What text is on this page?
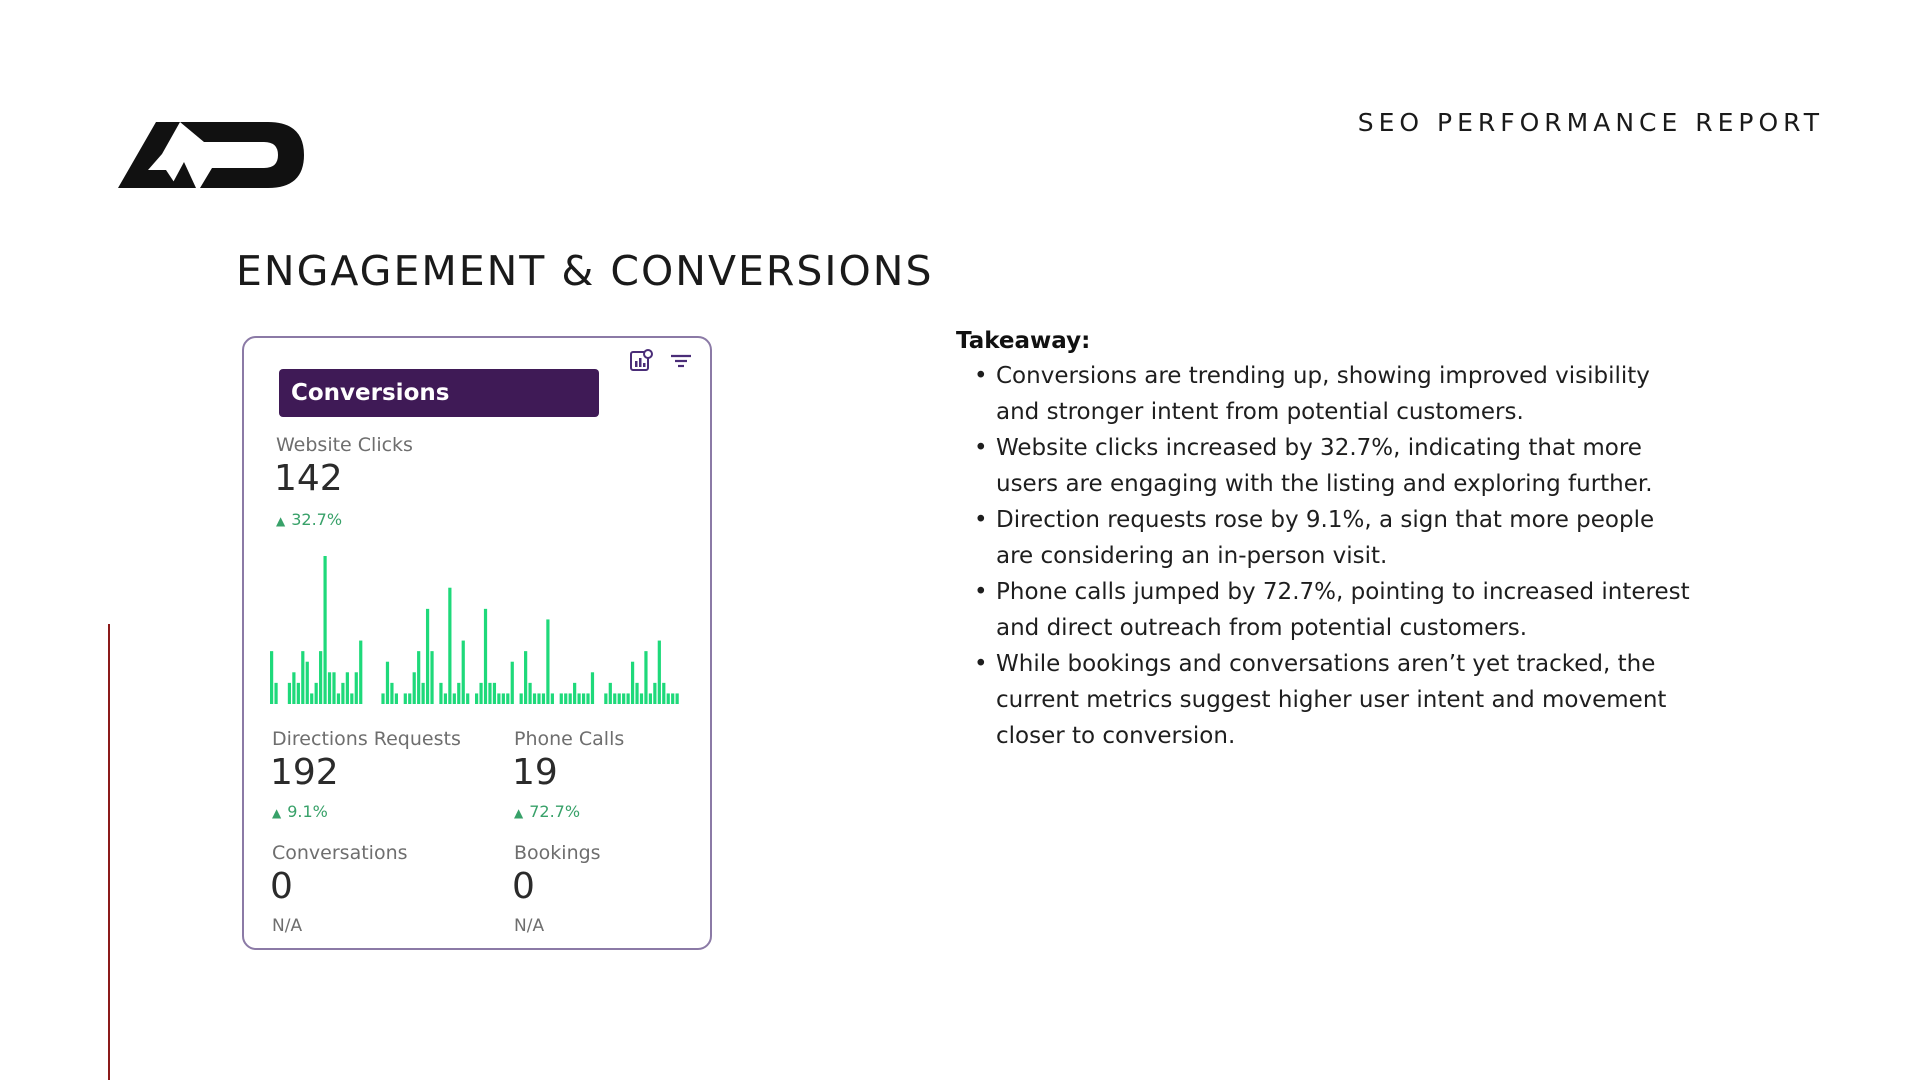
SEO PERFORMANCE REPORT
ENGAGEMENT & CONVERSIONS
Conversions
Website Clicks
142
▲ 32.7%
Directions Requests
192
▲ 9.1%
Phone Calls
19
▲ 72.7%
Conversations
0
N/A
Bookings
0
N/A
Takeaway:
• Conversions are trending up, showing improved visibility and stronger intent from potential customers.
• Website clicks increased by 32.7%, indicating that more users are engaging with the listing and exploring further.
• Direction requests rose by 9.1%, a sign that more people are considering an in-person visit.
• Phone calls jumped by 72.7%, pointing to increased interest and direct outreach from potential customers.
• While bookings and conversations aren’t yet tracked, the current metrics suggest higher user intent and movement closer to conversion.
